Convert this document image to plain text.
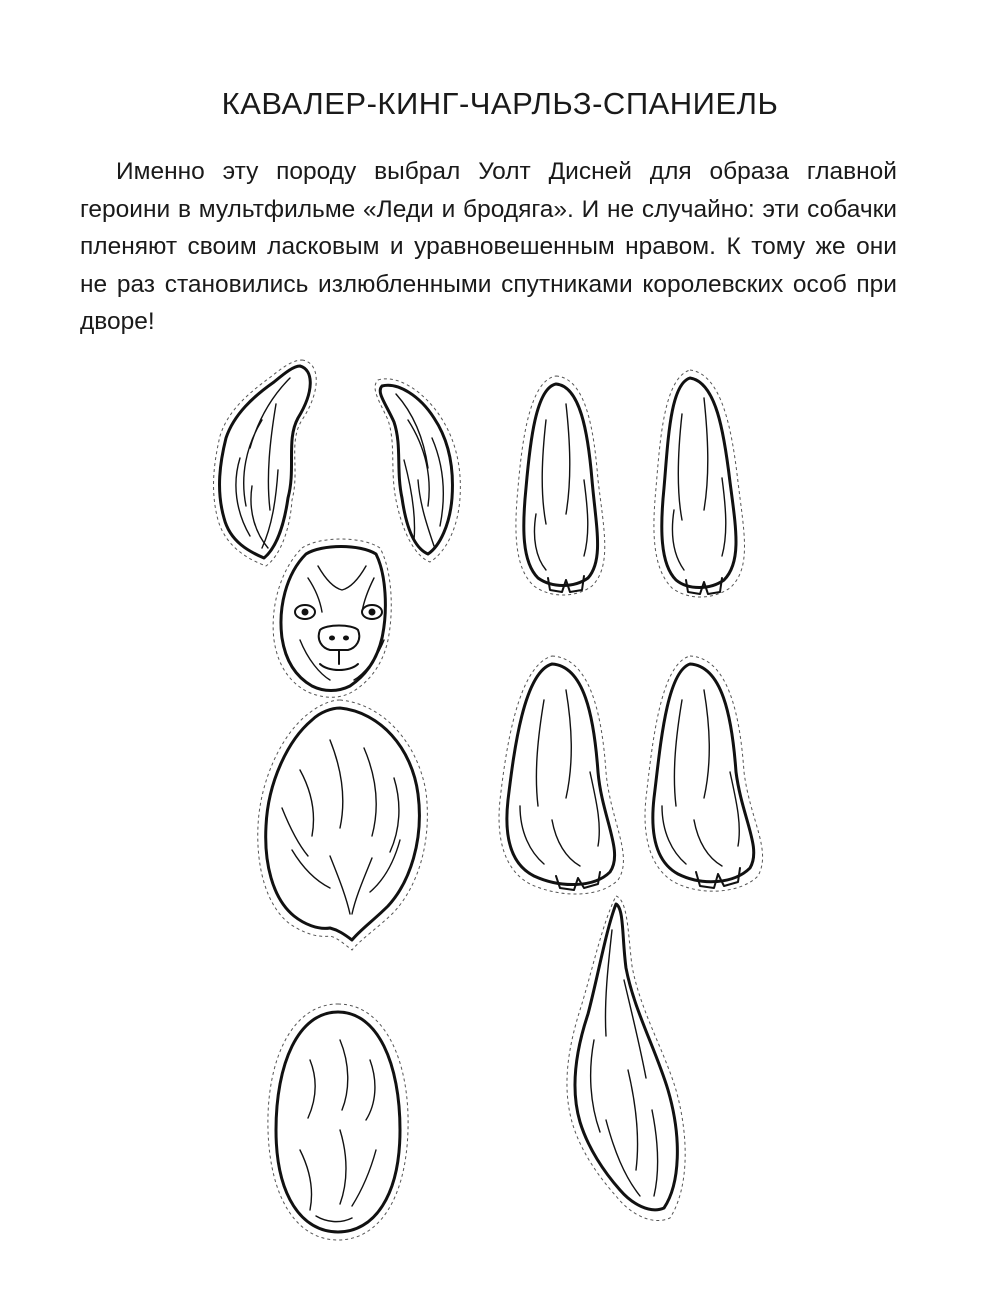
КАВАЛЕР-КИНГ-ЧАРЛЬЗ-СПАНИЕЛЬ

Именно эту породу выбрал Уолт Дисней для образа главной героини в мультфильме «Леди и бродяга». И не случайно: эти собачки пленяют своим ласковым и уравновешенным нравом. К тому же они не раз становились излюбленными спутниками королевских особ при дворе!
